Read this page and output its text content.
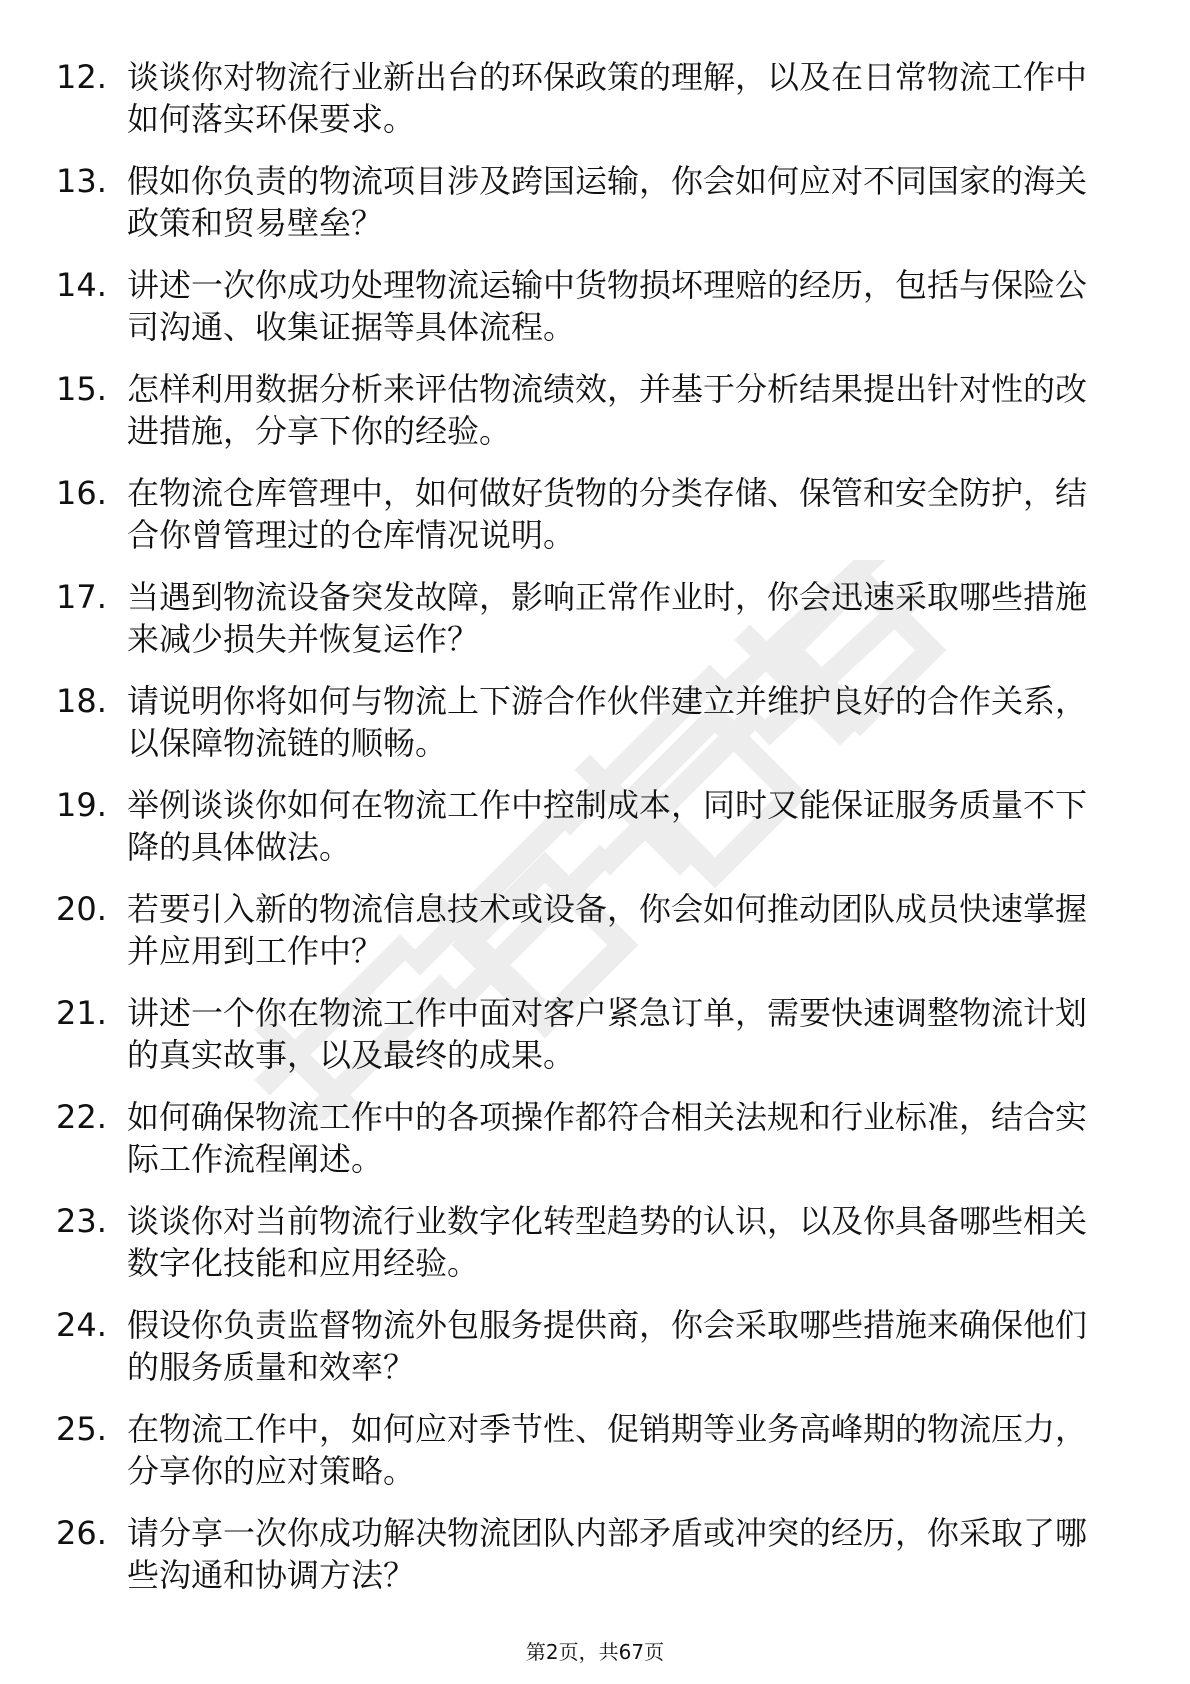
12. 谈谈你对物流行业新出台的环保政策的理解，以及在日常物流工作中如何落实环保要求。
13. 假如你负责的物流项目涉及跨国运输，你会如何应对不同国家的海关政策和贸易壁垒？
14. 讲述一次你成功处理物流运输中货物损坏理赔的经历，包括与保险公司沟通、收集证据等具体流程。
15. 怎样利用数据分析来评估物流绩效，并基于分析结果提出针对性的改进措施，分享下你的经验。
16. 在物流仓库管理中，如何做好货物的分类存储、保管和安全防护，结合你曾管理过的仓库情况说明。
17. 当遇到物流设备突发故障，影响正常作业时，你会迅速采取哪些措施来减少损失并恢复运作？
18. 请说明你将如何与物流上下游合作伙伴建立并维护良好的合作关系，以保障物流链的顺畅。
19. 举例谈谈你如何在物流工作中控制成本，同时又能保证服务质量不下降的具体做法。
20. 若要引入新的物流信息技术或设备，你会如何推动团队成员快速掌握并应用到工作中？
21. 讲述一个你在物流工作中面对客户紧急订单，需要快速调整物流计划的真实故事，以及最终的成果。
22. 如何确保物流工作中的各项操作都符合相关法规和行业标准，结合实际工作流程阐述。
23. 谈谈你对当前物流行业数字化转型趋势的认识，以及你具备哪些相关数字化技能和应用经验。
24. 假设你负责监督物流外包服务提供商，你会采取哪些措施来确保他们的服务质量和效率？
25. 在物流工作中，如何应对季节性、促销期等业务高峰期的物流压力，分享你的应对策略。
26. 请分享一次你成功解决物流团队内部矛盾或冲突的经历，你采取了哪些沟通和协调方法？
第2页，共67页
